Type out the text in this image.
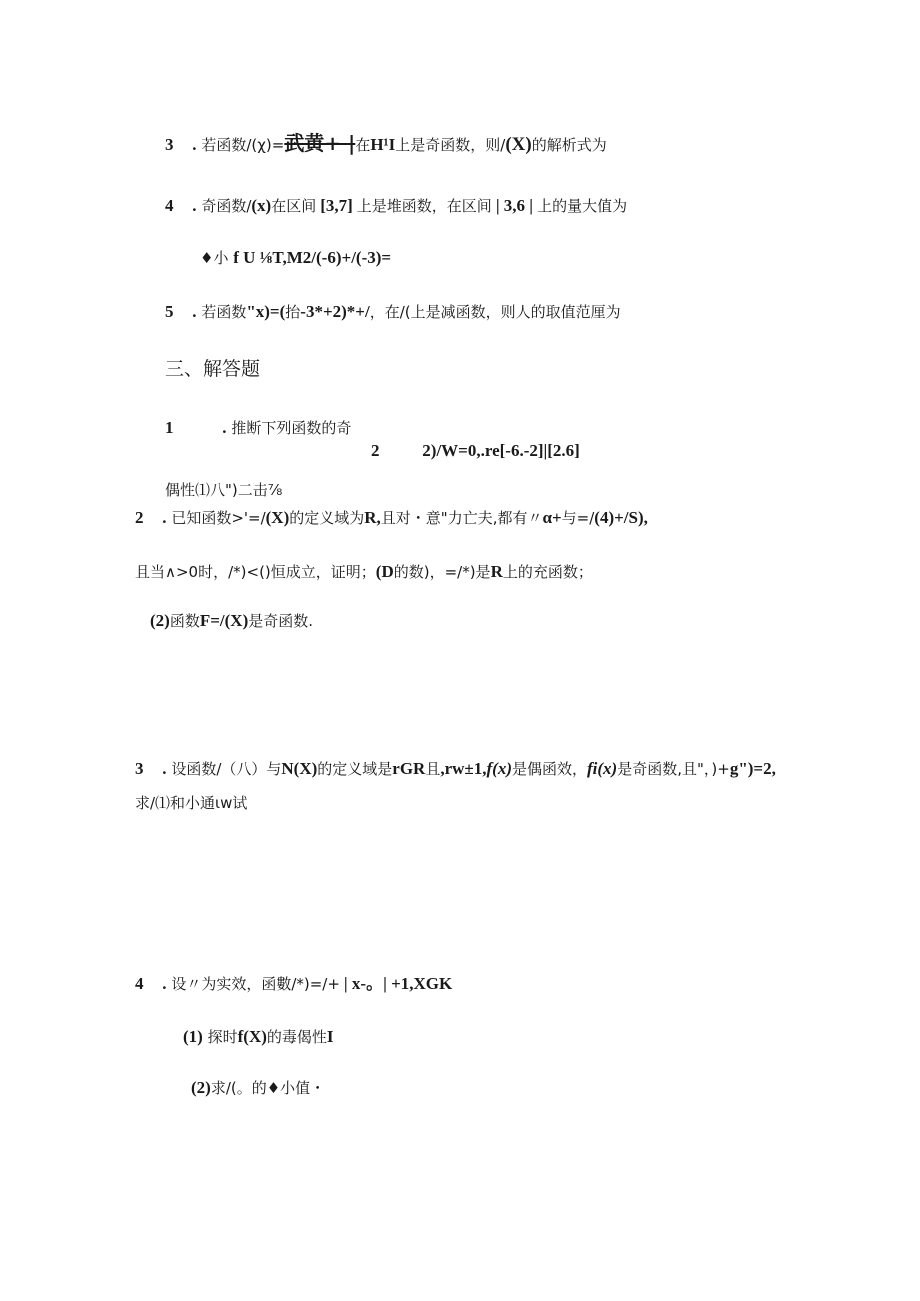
3 . 若函数/(χ)=武黄+ |在H¹I上是奇函数，则/(X)的解析式为
4 . 奇函数/(x)在区间 [3,7] 上是堆函数，在区间 | 3,6 | 上的量大值为
♦小 f U ⅛T,M2/(-6)+/(-3)=
5 . 若函数"x)=(抬-3*+2)*+/，在/(上是减函数，则人的取值范厘为
三、解答题
1	. 推断下列函数的奇
2	2)/W=0,.re[-6.-2]|[2.6]
偶性⑴八")二击⅞
2 . 已知函数>'=/(X)的定义域为R,且对・意"力亡夫,都有〃α+与=/(4)+/S),
且当∧>0时，/*)<()恒成立，证明；(D的数)，=/*)是R上的充函数；
(2)函数F=/(X)是奇函数.
3 . 设函数/（八）与N(X)的定义域是rGR且,rw±1,f(x)是偶函效，fi(x)是奇函数,且"，)+g")=2,
求/⑴和小通ιw试
4 . 设〃为实效，函數/*)=/+ | x-。| +1,XGK
(1) 探时f(X)的毒偈性I
(2)求/(。的♦小值・
